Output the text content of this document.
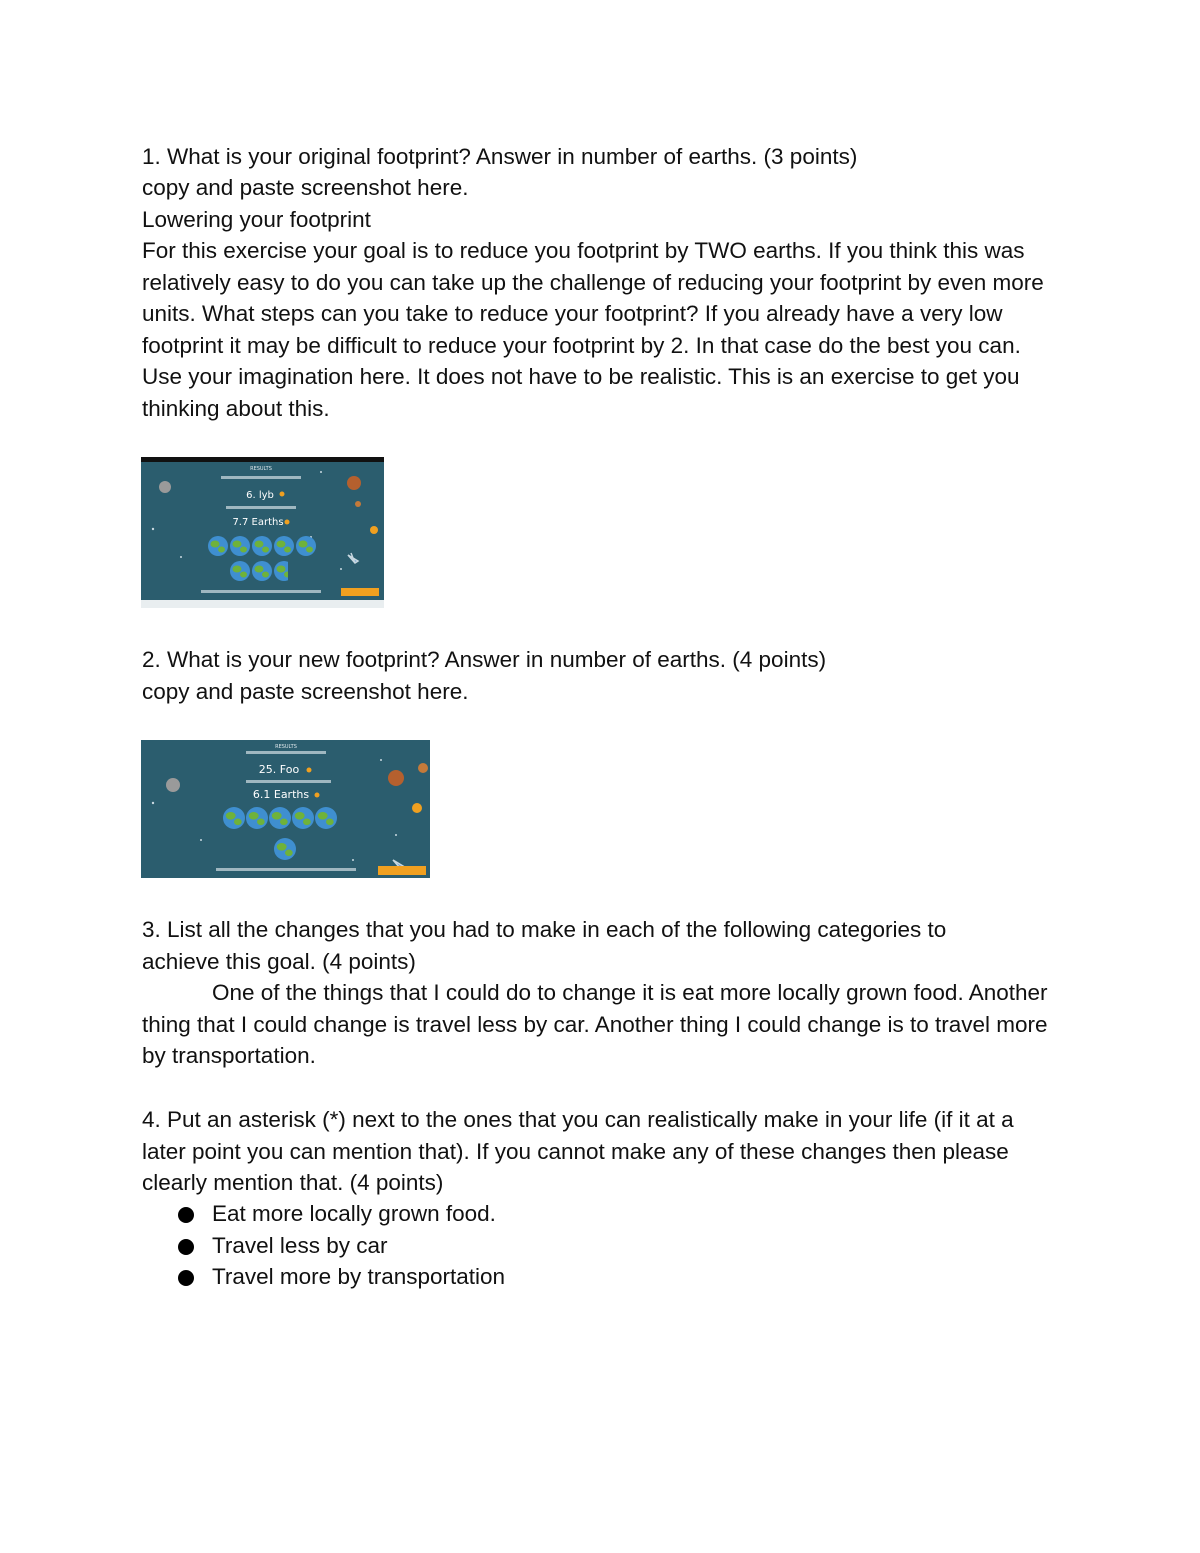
1. What is your original footprint? Answer in number of earths. (3 points)
copy and paste screenshot here.
Lowering your footprint

For this exercise your goal is to reduce you footprint by TWO earths. If you think this was relatively easy to do you can take up the challenge of reducing your footprint by even more units. What steps can you take to reduce your footprint? If you already have a very low footprint it may be difficult to reduce your footprint by 2. In that case do the best you can. Use your imagination here. It does not have to be realistic. This is an exercise to get you thinking about this.

RESULTS
6. lyb
7.7 Earths
2. What is your new footprint? Answer in number of earths. (4 points)
copy and paste screenshot here.
RESULTS
25. Foo
6.1 Earths

3. List all the changes that you had to make in each of the following categories to achieve this goal. (4 points)

One of the things that I could do to change it is eat more locally grown food. Another thing that I could change is travel less by car. Another thing I could change is to travel more by transportation.

4. Put an asterisk (*) next to the ones that you can realistically make in your life (if it at a later point you can mention that). If you cannot make any of these changes then please clearly mention that. (4 points)

Eat more locally grown food.
Travel less by car
Travel more by transportation
